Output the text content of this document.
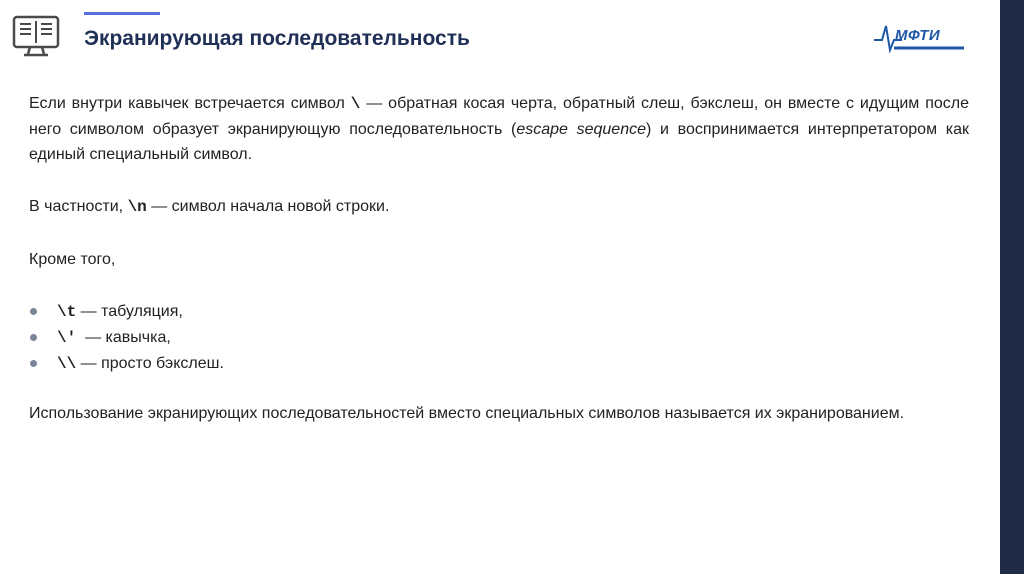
Экранирующая последовательность	МФТИ

Если внутри кавычек встречается символ \ — обратная косая черта, обратный слеш, бэкслеш, он вместе с идущим после него символом образует экранирующую последовательность (escape sequence) и воспринимается интерпретатором как единый специальный символ.

В частности, \n — символ начала новой строки.

Кроме того,

\t — табуляция,
\'  — кавычка,
\\ — просто бэкслеш.

Использование экранирующих последовательностей вместо специальных символов называется их экранированием.
